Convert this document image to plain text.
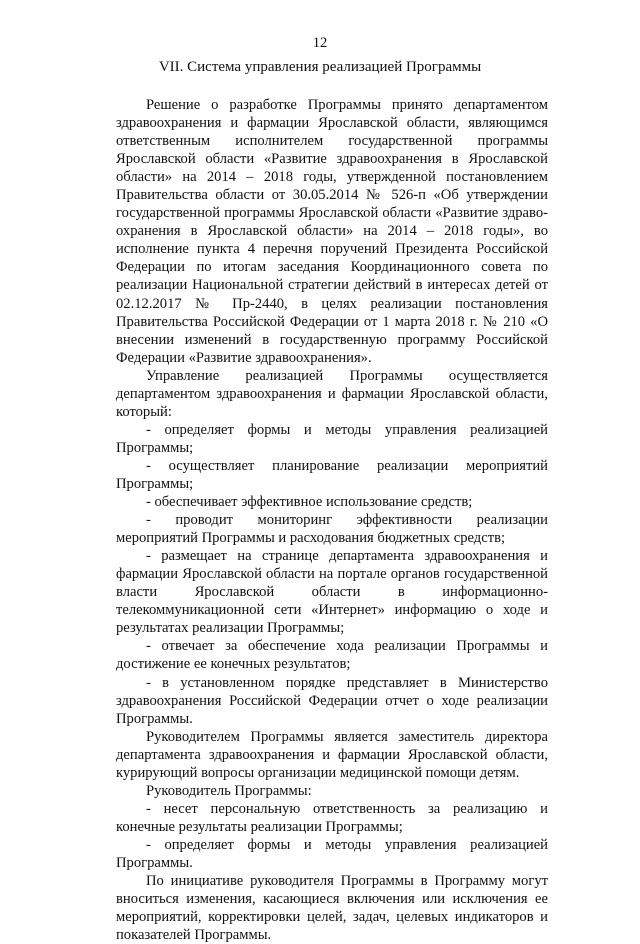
12
VII. Система управления реализацией Программы

Решение о разработке Программы принято департаментом здравоохранения и фармации Ярославской области, являющимся ответственным исполнителем государственной программы Ярославской области «Развитие здравоохранения в Ярославской области» на 2014 – 2018 годы, утвержденной постановлением Правительства области от 30.05.2014 № 526-п «Об утверждении государственной программы Ярославской области «Развитие здравоохранения в Ярославской области» на 2014 – 2018 годы», во исполнение пункта 4 перечня поручений Президента Российской Федерации по итогам заседания Координационного совета по реализации Национальной стратегии действий в интересах детей от 02.12.2017 № Пр-2440, в целях реализации постановления Правительства Российской Федерации от 1 марта 2018 г. № 210 «О внесении изменений в государственную программу Российской Федерации «Развитие здравоохранения».

Управление реализацией Программы осуществляется департаментом здравоохранения и фармации Ярославской области, который:

- определяет формы и методы управления реализацией Программы;

- осуществляет планирование реализации мероприятий Программы;

- обеспечивает эффективное использование средств;

- проводит мониторинг эффективности реализации мероприятий Программы и расходования бюджетных средств;

- размещает на странице департамента здравоохранения и фармации Ярославской области на портале органов государственной власти Ярославской области в информационно-телекоммуникационной сети «Интернет» информацию о ходе и результатах реализации Программы;

- отвечает за обеспечение хода реализации Программы и достижение ее конечных результатов;

- в установленном порядке представляет в Министерство здравоохранения Российской Федерации отчет о ходе реализации Программы.

Руководителем Программы является заместитель директора департамента здравоохранения и фармации Ярославской области, курирующий вопросы организации медицинской помощи детям.

Руководитель Программы:

- несет персональную ответственность за реализацию и конечные результаты реализации Программы;

- определяет формы и методы управления реализацией Программы.

По инициативе руководителя Программы в Программу могут вноситься изменения, касающиеся включения или исключения ее мероприятий, корректировки целей, задач, целевых индикаторов и показателей Программы.
